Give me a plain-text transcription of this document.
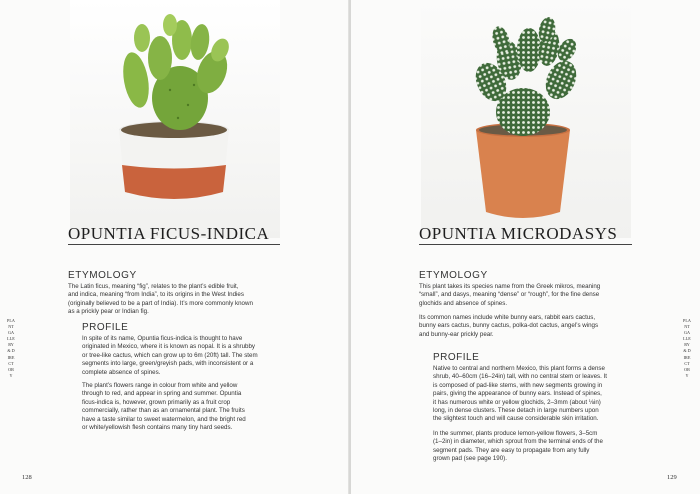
OPUNTIA FICUS-INDICA
ETYMOLOGY
The Latin ficus, meaning “fig”, relates to the plant’s edible fruit,
and indica, meaning “from India”, to its origins in the West Indies
(originally believed to be a part of India). It’s more commonly known
as a prickly pear or Indian fig.
PROFILE
In spite of its name, Opuntia ficus-indica is thought to have
originated in Mexico, where it is known as nopal. It is a shrubby
or tree-like cactus, which can grow up to 6m (20ft) tall. The stem
segments into large, green/greyish pads, with inconsistent or a
complete absence of spines.
The plant’s flowers range in colour from white and yellow
through to red, and appear in spring and summer. Opuntia
ficus-indica is, however, grown primarily as a fruit crop
commercially, rather than as an ornamental plant. The fruits
have a taste similar to sweet watermelon, and the bright red
or white/yellowish flesh contains many tiny hard seeds.
PLANT GALLERY & DIRECTORY
128
OPUNTIA MICRODASYS
ETYMOLOGY
This plant takes its species name from the Greek mikros, meaning
“small”, and dasys, meaning “dense” or “rough”, for the fine dense
glochids and absence of spines.
Its common names include white bunny ears, rabbit ears cactus,
bunny ears cactus, bunny cactus, polka-dot cactus, angel’s wings
and bunny-ear prickly pear.
PROFILE
Native to central and northern Mexico, this plant forms a dense
shrub, 40–60cm (16–24in) tall, with no central stem or leaves. It
is composed of pad-like stems, with new segments growing in
pairs, giving the appearance of bunny ears. Instead of spines,
it has numerous white or yellow glochids, 2–3mm (about ⅛in)
long, in dense clusters. These detach in large numbers upon
the slightest touch and will cause considerable skin irritation.
In the summer, plants produce lemon-yellow flowers, 3–5cm
(1–2in) in diameter, which sprout from the terminal ends of the
segment pads. They are easy to propagate from any fully
grown pad (see page 190).
PLANT GALLERY & DIRECTORY
129
